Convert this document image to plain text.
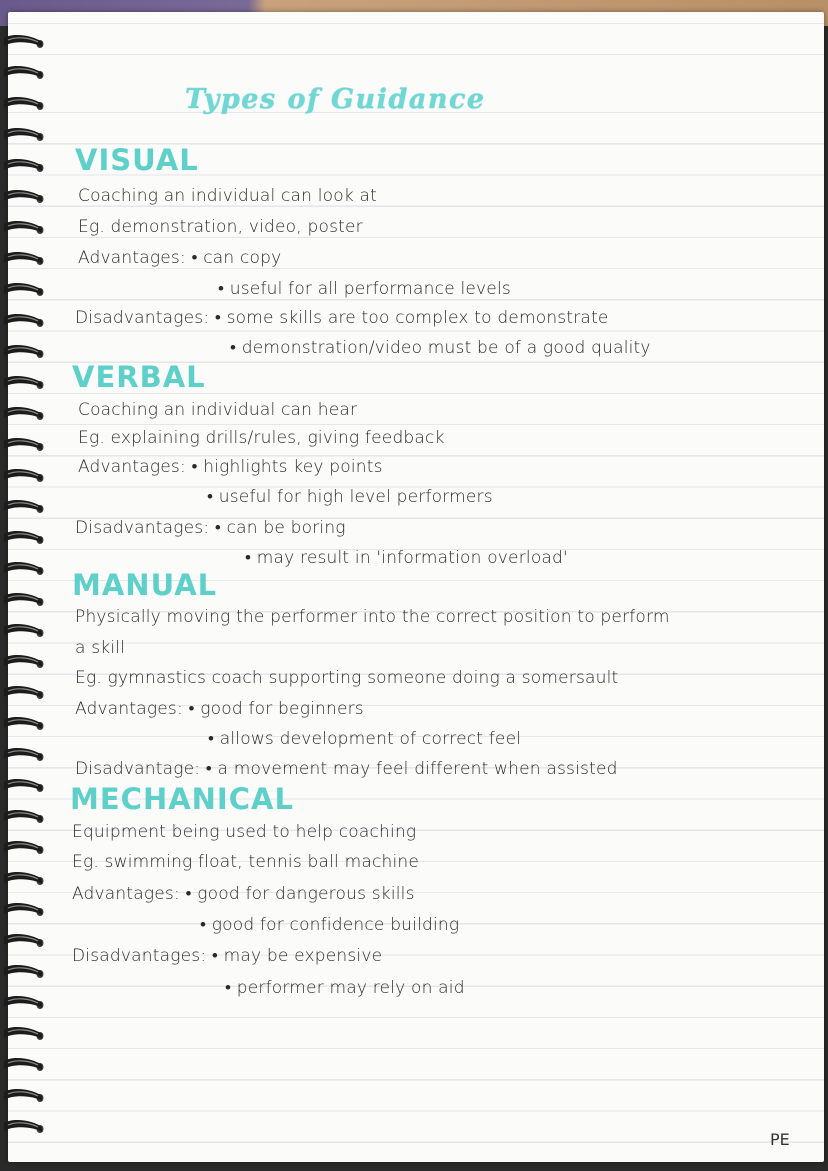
Types of Guidance
VISUAL
Coaching an individual can look at
Eg. demonstration, video, poster
Advantages: • can copy
• useful for all performance levels
Disadvantages: • some skills are too complex to demonstrate
• demonstration/video must be of a good quality
VERBAL
Coaching an individual can hear
Eg. explaining drills/rules, giving feedback
Advantages: • highlights key points
• useful for high level performers
Disadvantages: • can be boring
• may result in 'information overload'
MANUAL
Physically moving the performer into the correct position to perform
a skill
Eg. gymnastics coach supporting someone doing a somersault
Advantages: • good for beginners
• allows development of correct feel
Disadvantage: • a movement may feel different when assisted
MECHANICAL
Equipment being used to help coaching
Eg. swimming float, tennis ball machine
Advantages: • good for dangerous skills
• good for confidence building
Disadvantages: • may be expensive
• performer may rely on aid
PE
